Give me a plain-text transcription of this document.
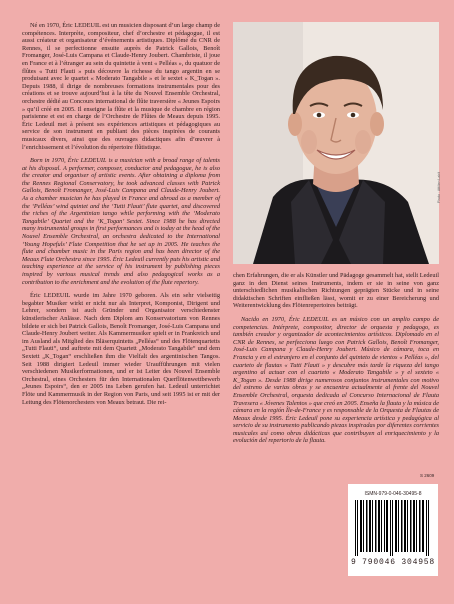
Né en 1970, Éric LEDEUIL est un musicien disposant d’un large champ de compétences. Interprète, compositeur, chef d’orchestre et pédagogue, il est aussi créateur et organisateur d’événements artistiques. Diplômé du CNR de Rennes, il se perfectionne ensuite auprès de Patrick Gallois, Benoît Fromanger, José-Luis Campana et Claude-Henry Joubert. Chambriste, il joue en France et à l’étranger au sein du quintette à vent « Pelléas », du quatuor de flûtes « Tutti Flauti » puis découvre la richesse du tango argentin en se produisant avec le quartet « Moderato Tangabile » et le sextet « K_Togan ». Depuis 1988, il dirige de nombreuses formations instrumentales pour des créations et se trouve aujourd’hui à la tête du Nouvel Ensemble Orchestral, orchestre dédié au Concours international de flûte traversière « Jeunes Espoirs » qu’il créé en 2005. Il enseigne la flûte et la musique de chambre en région parisienne et est en charge de l’Orchestre de Flûtes de Meaux depuis 1995. Éric Ledeuil met à présent ses expériences artistiques et pédagogiques au service de son instrument en publiant des pièces inspirées de courants musicaux divers, ainsi que des ouvrages didactiques afin d’œuvrer à l’enrichissement et l’évolution du répertoire flûtistique.

Born in 1970, Éric LEDEUIL is a musician with a broad range of talents at his disposal. A performer, composer, conductor and pedagogue, he is also the creator and organiser of artistic events. After obtaining a diploma from the Rennes Regional Conservatory, he took advanced classes with Patrick Gallois, Benoît Fromanger, José-Luis Campana and Claude-Henry Joubert. As a chamber musician he has played in France and abroad as a member of the ‘Pelléas’ wind quintet and the ‘Tutti Flauti’ flute quartet, and discovered the riches of the Argentinian tango while performing with the ‘Moderato Tangabile’ Quartet and the ‘K_Togan’ Sextet. Since 1988 he has directed many instrumental groups in first performances and is today at the head of the Nouvel Ensemble Orchestral, an orchestra dedicated to the International ‘Young Hopefuls’ Flute Competition that he set up in 2005. He teaches the flute and chamber music in the Paris region and has been director of the Meaux Flute Orchestra since 1995. Éric Ledeuil currently puts his artistic and teaching experience at the service of his instrument by publishing pieces inspired by various musical trends and also pedagogical works as a contribution to the enrichment and the evolution of the flute repertory.

Éric LEDEUIL wurde im Jahre 1970 geboren. Als ein sehr vielseitig begabter Musiker wirkt er nicht nur als Interpret, Komponist, Dirigent und Lehrer, sondern ist auch Gründer und Organisator verschiedenster künstlerischer Anlässe. Nach dem Diplom am Konservatorium von Rennes bildete er sich bei Patrick Gallois, Benoît Fromanger, José-Luis Campana und Claude-Henry Joubert weiter. Als Kammermusiker spielt er in Frankreich und im Ausland als Mitglied des Bläserquintetts „Pelléas“ und des Flötenquartetts „Tutti Flauti“, und auftrete mit dem Quartett „Moderato Tangabile“ und dem Sextett „K_Togan“ erschließen ihm die Vielfalt des argentinischen Tangos. Seit 1988 dirigiert Ledeuil immer wieder Uraufführungen mit vielen verschiedenen Musikerformationen, und er ist Leiter des Nouvel Ensemble Orchestral, eines Orchesters für den Internationalen Querflötenwettbewerb „Jeunes Espoirs“, den er 2005 ins Leben gerufen hat. Ledeuil unterrichtet Flöte und Kammermusik in der Region von Paris, und seit 1995 ist er mit der Leitung des Flötenorchesters von Meaux betraut. Die rei-

Photo : Attilien Labit

chen Erfahrungen, die er als Künstler und Pädagoge gesammelt hat, stellt Ledeuil ganz in den Dienst seines Instruments, indem er sie in seine von ganz unterschiedlichen musikalischen Richtungen geprägten Stücke und in seine didaktischen Schriften einfließen lässt, womit er zu einer Bereicherung und Weiterentwicklung des Flötenrepertoires beiträgt.

Nacido en 1970, Éric LEDEUIL es un músico con un amplio campo de competencias. Intérprete, compositor, director de orquesta y pedagogo, es también creador y organizador de acontecimientos artísticos. Diplomado en el CNR de Rennes, se perfecciona luego con Patrick Gallois, Benoît Fromanger, José-Luis Campana y Claude-Henry Joubert. Músico de cámara, toca en Francia y en el extranjero en el conjunto del quinteto de vientos « Pelléas », del cuarteto de flautas « Tutti Flauti » y descubre más tarde la riqueza del tango argentino al actuar con el cuarteto « Moderato Tangabile » y el sexteto « K_Togan ». Desde 1988 dirige numerosos conjuntos instrumentales con motivo del estreno de varias obras y se encuentra actualmente al frente del Nouvel Ensemble Orchestral, orquesta dedicada al Concurso Internacional de Flauta Travesera « Jóvenes Talentos » que creó en 2005. Enseña la flauta y la música de cámara en la región Île-de-France y es responsable de la Orquesta de Flautas de Meaux desde 1995. Éric Ledeuil pone su experiencia artística y pedagógica al servicio de su instrumento publicando piezas inspiradas por diferentes corrientes musicales así como obras didácticas que contribuyen al enriquecimiento y la evolución del repertorio de la flauta.

S 2609
ISMN-979-0-046-30495-8
9 790046 304958
